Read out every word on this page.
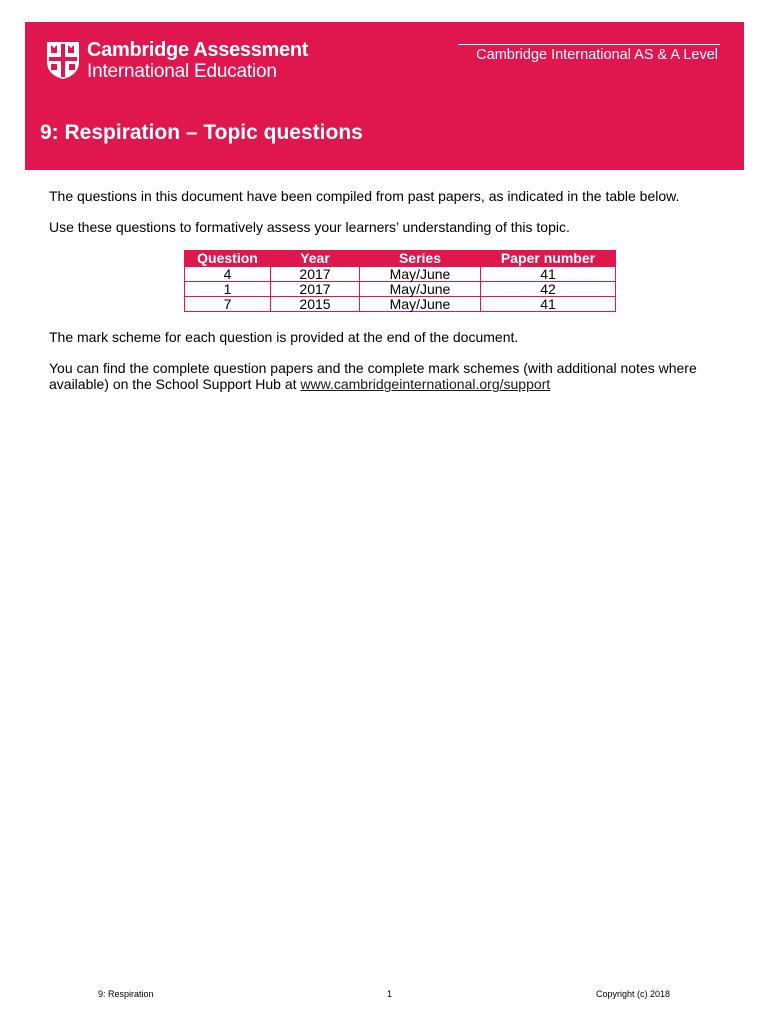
Cambridge Assessment
International Education
Cambridge International AS & A Level
9: Respiration – Topic questions

The questions in this document have been compiled from past papers, as indicated in the table below.

Use these questions to formatively assess your learners’ understanding of this topic.

Question	Year	Series	Paper number
4	2017	May/June	41
1	2017	May/June	42
7	2015	May/June	41

The mark scheme for each question is provided at the end of the document.

You can find the complete question papers and the complete mark schemes (with additional notes where available) on the School Support Hub at www.cambridgeinternational.org/support

9: Respiration	1	Copyright (c) 2018
